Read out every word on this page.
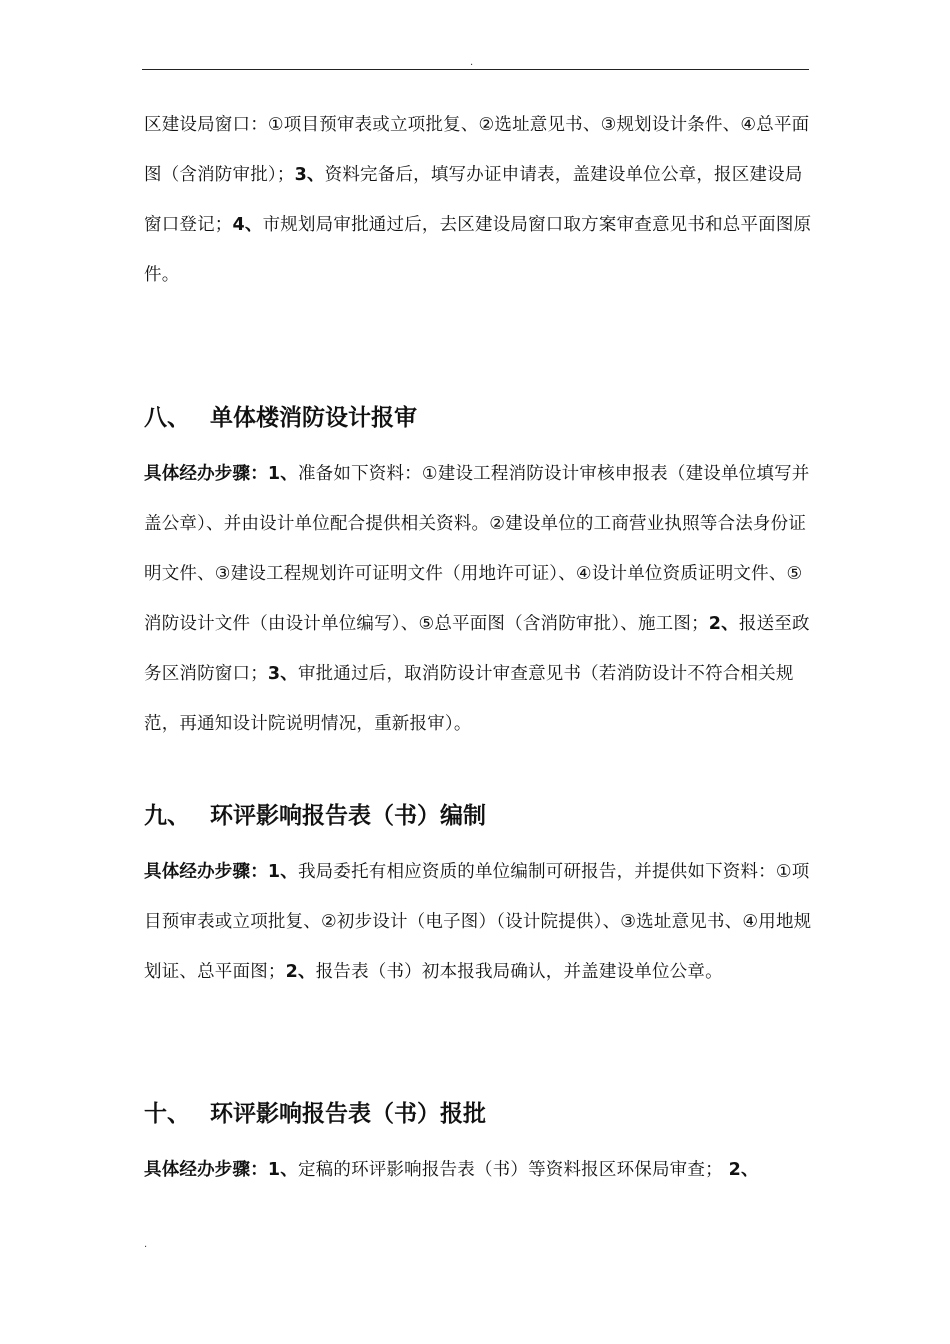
.

区建设局窗口：①项目预审表或立项批复、②选址意见书、③规划设计条件、④总平面图（含消防审批）；3、资料完备后，填写办证申请表，盖建设单位公章，报区建设局窗口登记；4、市规划局审批通过后，去区建设局窗口取方案审查意见书和总平面图原件。

八、 单体楼消防设计报审

具体经办步骤：1、准备如下资料：①建设工程消防设计审核申报表（建设单位填写并盖公章）、并由设计单位配合提供相关资料。②建设单位的工商营业执照等合法身份证明文件、③建设工程规划许可证明文件（用地许可证）、④设计单位资质证明文件、⑤消防设计文件（由设计单位编写）、⑤总平面图（含消防审批）、施工图；2、报送至政务区消防窗口；3、审批通过后，取消防设计审查意见书（若消防设计不符合相关规范，再通知设计院说明情况，重新报审）。

九、 环评影响报告表（书）编制

具体经办步骤：1、我局委托有相应资质的单位编制可研报告，并提供如下资料：①项目预审表或立项批复、②初步设计（电子图）（设计院提供）、③选址意见书、④用地规划证、总平面图；2、报告表（书）初本报我局确认，并盖建设单位公章。

十、 环评影响报告表（书）报批

具体经办步骤：1、定稿的环评影响报告表（书）等资料报区环保局审查； 2、

.
